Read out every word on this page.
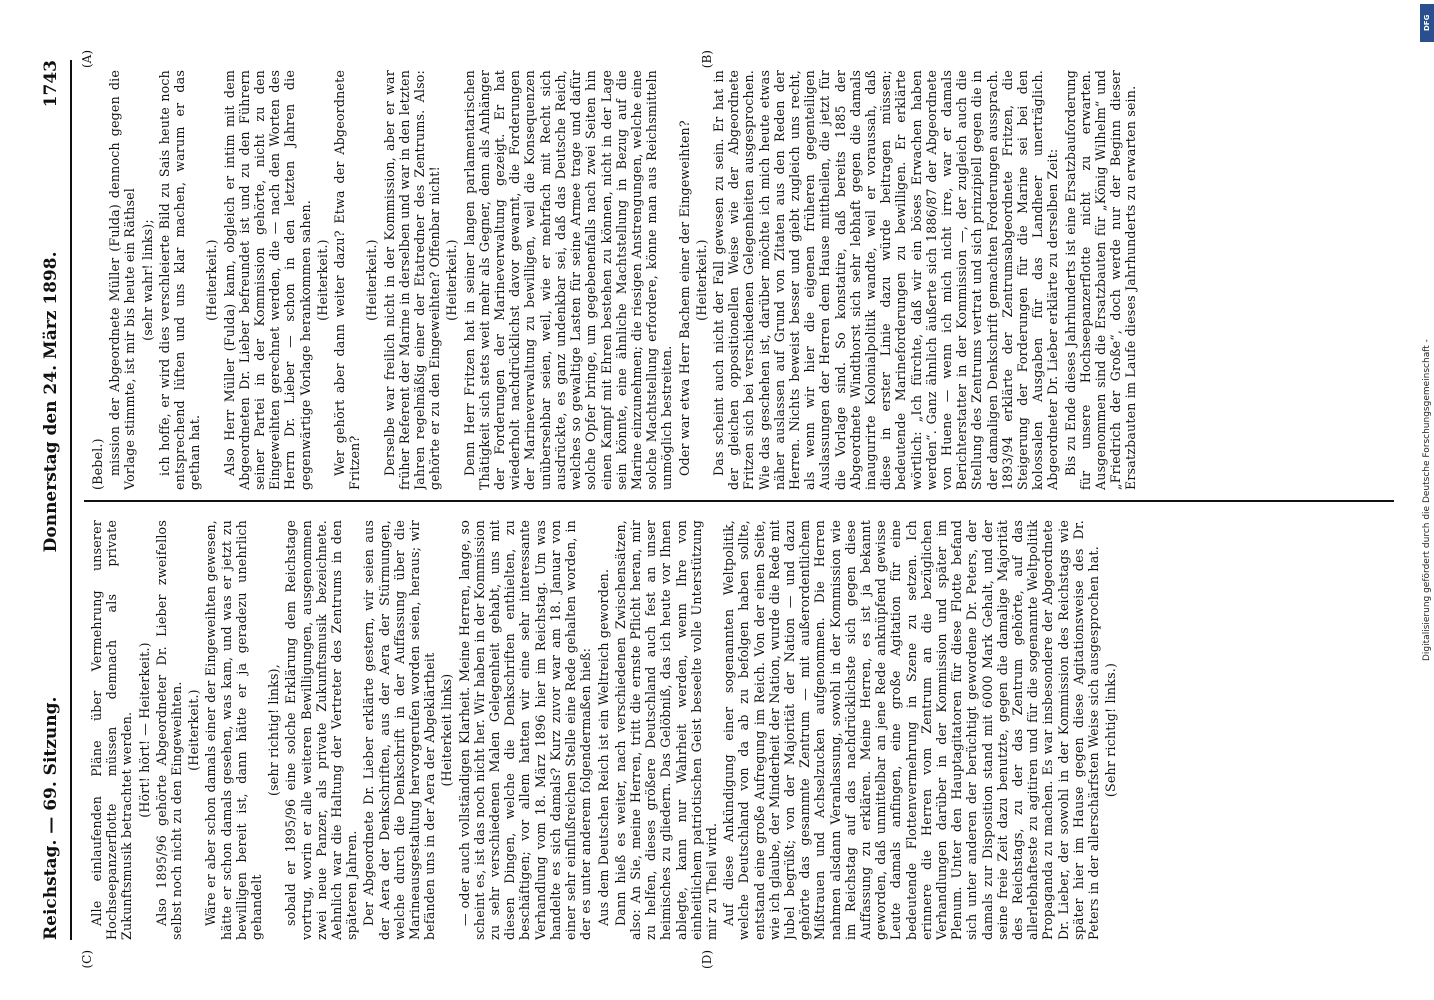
Reichstag. — 69. Sitzung.
Donnerstag den 24. März 1898.
1743

(Bebel.) mission der Abgeordnete Müller (Fulda) dennoch gegen die Vorlage stimmte, ist mir bis heute ein Räthsel (sehr wahr! links); ich hoffe, er wird dies verschleierte Bild zu Sais heute noch entsprechend lüften und uns klar machen, warum er das gethan hat.

(Heiterkeit.) Also Herr Müller (Fulda) kann, obgleich er intim mit dem Abgeordneten Dr. Lieber befreundet ist und zu den Führern seiner Partei in der Kommission gehörte, nicht zu den Eingeweihten gerechnet werden, die — nach den Worten des Herrn Dr. Lieber — schon in den letzten Jahren die gegenwärtige Vorlage herankommen sahen. (Heiterkeit.) Wer gehört aber dann weiter dazu? Etwa der Abgeordnete Fritzen?

(Heiterkeit.) Derselbe war freilich nicht in der Kommission, aber er war früher Referent der Marine in derselben und war in den letzten Jahren regelmäßig einer der Etatredner des Zentrums. Also: gehörte er zu den Eingeweihten? Offenbar nicht! (Heiterkeit.) Denn Herr Fritzen hat in seiner langen parlamentarischen Thätigkeit sich stets weit mehr als Gegner, denn als Anhänger der Forderungen der Marineverwaltung gezeigt. Er hat wiederholt nachdrücklichst davor gewarnt, die Forderungen der Marineverwaltung zu bewilligen, weil die Konsequenzen unübersehbar seien, weil, wie er mehrfach mit Recht sich ausdrückte, es ganz undenkbar sei, daß das Deutsche Reich, welches so gewaltige Lasten für seine Armee trage und dafür solche Opfer bringe, um gegebenenfalls nach zwei Seiten hin einen Kampf mit Ehren bestehen zu können, nicht in der Lage sein könnte, eine ähnliche Machtstellung in Bezug auf die Marine einzunehmen; die riesigen Anstrengungen, welche eine solche Machtstellung erfordere, könne man aus Reichsmitteln unmöglich bestreiten. Oder war etwa Herr Bachem einer der Eingeweihten? (Heiterkeit.) Das scheint auch nicht der Fall gewesen zu sein. Er hat in der gleichen oppositionellen Weise wie der Abgeordnete Fritzen sich bei verschiedenen Gelegenheiten ausgesprochen. Wie das geschehen ist, darüber möchte ich mich heute etwas näher auslassen auf Grund von Zitaten aus den Reden der Herren. Nichts beweist besser und giebt zugleich uns recht, als wenn wir hier die eigenen früheren gegenteiligen Auslassungen der Herren dem Hause mittheilen, die jetzt für die Vorlage sind. So konstatire, daß bereits 1885 der Abgeordnete Windthorst sich sehr lebhaft gegen die damals inaugurirte Kolonialpolitik wandte, weil er voraussah, daß diese in erster Linie dazu würde beitragen müssen; bedeutende Marineforderungen zu bewilligen. Er erklärte wörtlich: „Ich fürchte, daß wir ein böses Erwachen haben werden“. Ganz ähnlich äußerte sich 1886/87 der Abgeordnete von Huene — wenn ich mich nicht irre, war er damals Berichterstatter in der Kommission —, der zugleich auch die Stellung des Zentrums vertrat und sich prinzipiell gegen die in der damaligen Denkschrift gemachten Forderungen aussprach. 1893/94 erklärte der Zentrumsabgeordnete Fritzen, die Steigerung der Forderungen für die Marine sei bei den kolossalen Ausgaben für das Landheer unerträglich. Abgeordneter Dr. Lieber erklärte zu derselben Zeit: Bis zu Ende dieses Jahrhunderts ist eine Ersatzbauforderung für unsere Hochseepanzerflotte nicht zu erwarten. Ausgenommen sind die Ersatzbauten für „König Wilhelm“ und „Friedrich der Große“, doch werde nur der Beginn dieser Ersatzbauten im Laufe dieses Jahrhunderts zu erwarten sein.

Alle einlaufenden Pläne über Vermehrung unserer Hochseepanzerflotte müssen demnach als private Zukunftsmusik betrachtet werden. (Hört! hört! — Heiterkeit.) Also 1895/96 gehörte Abgeordneter Dr. Lieber zweifellos selbst noch nicht zu den Eingeweihten. (Heiterkeit.) Wäre er aber schon damals einer der Eingeweihten gewesen, hätte er schon damals gesehen, was kam, und was er jetzt zu bewilligen bereit ist, dann hätte er ja geradezu unehrlich gehandelt

(sehr richtig! links), sobald er 1895/96 eine solche Erklärung dem Reichstage vortrug, worin er alle weiteren Bewilligungen, ausgenommen zwei neue Panzer, als private Zukunftsmusik bezeichnete. Aehnlich war die Haltung der Vertreter des Zentrums in den späteren Jahren. Der Abgeordnete Dr. Lieber erklärte gestern, wir seien aus der Aera der Denkschriften, aus der Aera der Stürmungen, welche durch die Denkschrift in der Auffassung über die Marineausgestaltung hervorgerufen worden seien, heraus; wir befänden uns in der Aera der Abgeklärtheit (Heiterkeit links) — oder auch vollständigen Klarheit. Meine Herren, lange, so scheint es, ist das noch nicht her. Wir haben in der Kommission zu sehr verschiedenen Malen Gelegenheit gehabt, uns mit diesen Dingen, welche die Denkschriften enthielten, zu beschäftigen; vor allem hatten wir eine sehr interessante Verhandlung vom 18. März 1896 hier im Reichstag. Um was handelte es sich damals? Kurz zuvor war am 18. Januar von einer sehr einflußreichen Stelle eine Rede gehalten worden, in der es unter anderem folgendermaßen hieß: Aus dem Deutschen Reich ist ein Weltreich geworden. Dann hieß es weiter, nach verschiedenen Zwischensätzen, also: An Sie, meine Herren, tritt die ernste Pflicht heran, mir zu helfen, dieses größere Deutschland auch fest an unser heimisches zu gliedern. Das Gelöbniß, das ich heute vor Ihnen ablegte, kann nur Wahrheit werden, wenn Ihre von einheitlichem patriotischen Geist beseelte volle Unterstützung mir zu Theil wird. Auf diese Ankündigung einer sogenannten Weltpolitik, welche Deutschland von da ab zu befolgen haben sollte, entstand eine große Aufregung im Reich. Von der einen Seite, wie ich glaube, der Minderheit der Nation, wurde die Rede mit Jubel begrüßt; von der Majorität der Nation — und dazu gehörte das gesammte Zentrum — mit außerordentlichem Mißtrauen und Achselzucken aufgenommen. Die Herren nahmen alsdann Veranlassung, sowohl in der Kommission wie im Reichstag auf das nachdrücklichste sich gegen diese Auffassung zu erklären. Meine Herren, es ist ja bekannt geworden, daß unmittelbar an jene Rede anknüpfend gewisse Leute damals anfingen, eine große Agitation für eine bedeutende Flottenvermehrung in Szene zu setzen. Ich erinnere die Herren vom Zentrum an die bezüglichen Verhandlungen darüber in der Kommission und später im Plenum. Unter den Hauptagitatoren für diese Flotte befand sich unter anderen der berüchtigt gewordene Dr. Peters, der damals zur Disposition stand mit 6000 Mark Gehalt, und der seine freie Zeit dazu benutzte, gegen die damalige Majorität des Reichstags, zu der das Zentrum gehörte, auf das allerlebhafteste zu agitiren und für die sogenannte Weltpolitik Propaganda zu machen. Es war insbesondere der Abgeordnete Dr. Lieber, der sowohl in der Kommission des Reichstags wie später hier im Hause gegen diese Agitationsweise des Dr. Peters in der allerschärfsten Weise sich ausgesprochen hat. (Sehr richtig! links.)

(A)	(B)
(C)	(D)
Digitalisierung gefördert durch die Deutsche Forschungsgemeinschaft -
DFG
